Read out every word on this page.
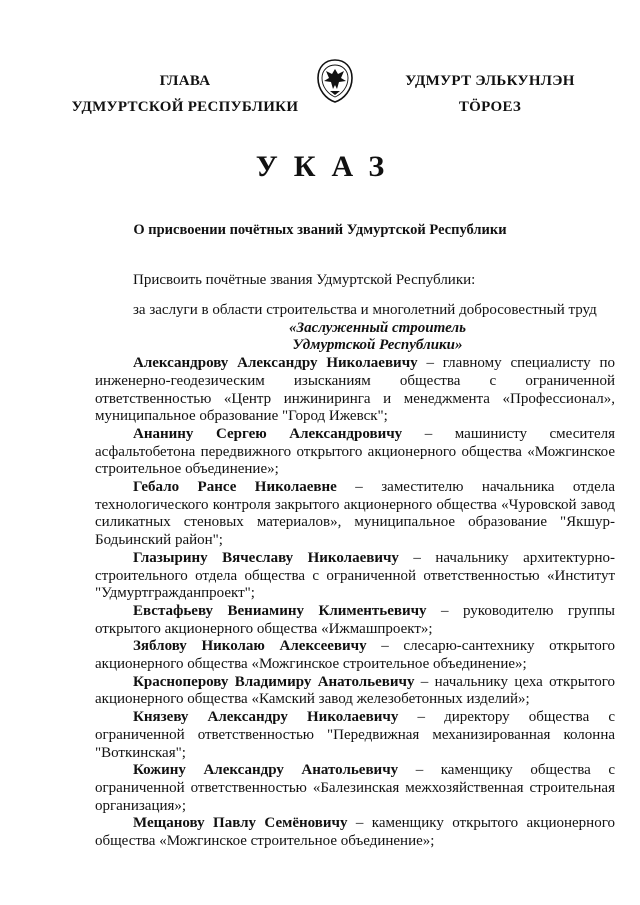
ГЛАВА
УДМУРТСКОЙ РЕСПУБЛИКИ
УДМУРТ ЭЛЬКУНЛЭН
ТӦРОЕЗ
УКАЗ
О присвоении почётных званий Удмуртской Республики
Присвоить почётные звания Удмуртской Республики:

за заслуги в области строительства и многолетний добросовестный труд

«Заслуженный строитель

Удмуртской Республики»

Александрову Александру Николаевичу – главному специалисту по инженерно-геодезическим изысканиям общества с ограниченной ответственностью «Центр инжиниринга и менеджмента «Профессионал», муниципальное образование "Город Ижевск";

Ананину Сергею Александровичу – машинисту смесителя асфальтобетона передвижного открытого акционерного общества «Можгинское строительное объединение»;

Гебало Рансе Николаевне – заместителю начальника отдела технологического контроля закрытого акционерного общества «Чуровской завод силикатных стеновых материалов», муниципальное образование "Якшур-Бодьинский район";

Глазырину Вячеславу Николаевичу – начальнику архитектурно-строительного отдела общества с ограниченной ответственностью «Институт "Удмуртгражданпроект";

Евстафьеву Вениамину Климентьевичу – руководителю группы открытого акционерного общества «Ижмашпроект»;

Зяблову Николаю Алексеевичу – слесарю-сантехнику открытого акционерного общества «Можгинское строительное объединение»;

Красноперову Владимиру Анатольевичу – начальнику цеха открытого акционерного общества «Камский завод железобетонных изделий»;

Князеву Александру Николаевичу – директору общества с ограниченной ответственностью "Передвижная механизированная колонна "Воткинская";

Кожину Александру Анатольевичу – каменщику общества с ограниченной ответственностью «Балезинская межхозяйственная строительная организация»;

Мещанову Павлу Семёновичу – каменщику открытого акционерного общества «Можгинское строительное объединение»;
